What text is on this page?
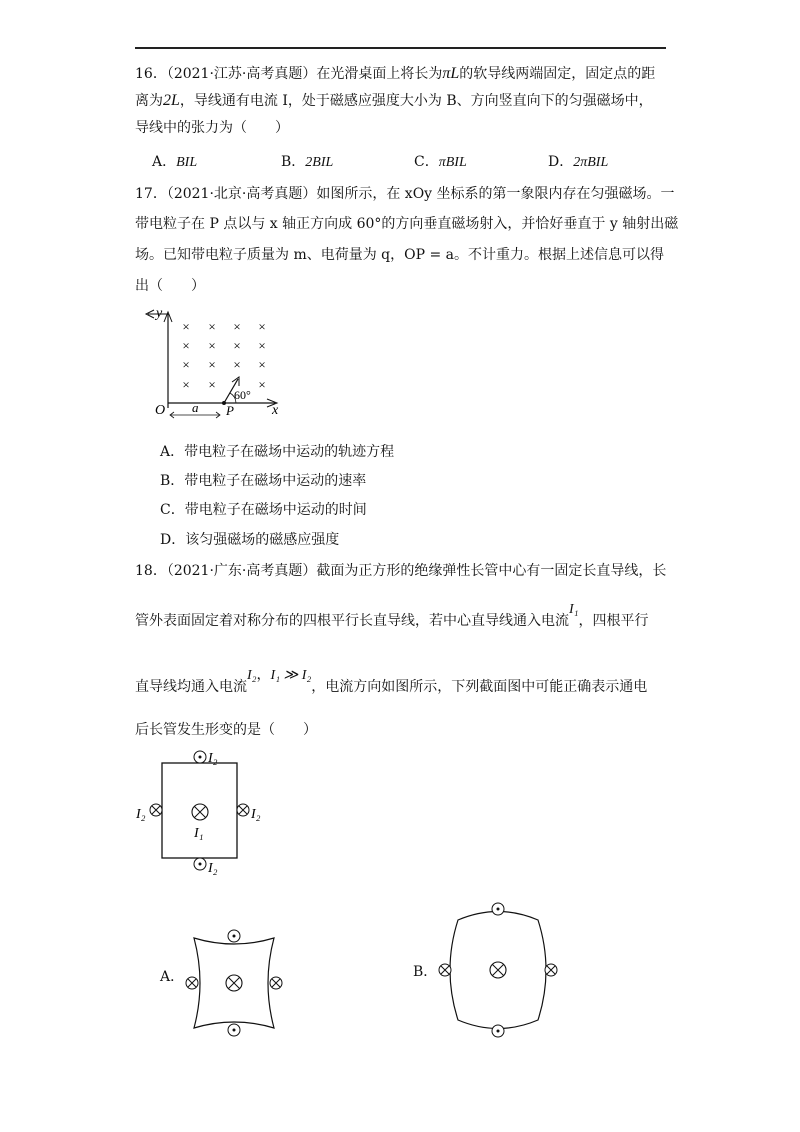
16．（2021·江苏·高考真题）在光滑桌面上将长为πL的软导线两端固定，固定点的距
离为2L，导线通有电流 I，处于磁感应强度大小为 B、方向竖直向下的匀强磁场中，
导线中的张力为（　　）
A．BIL	B．2BIL	C．πBIL	D．2πBIL
17．（2021·北京·高考真题）如图所示，在 xOy 坐标系的第一象限内存在匀强磁场。一
带电粒子在 P 点以与 x 轴正方向成 60°的方向垂直磁场射入，并恰好垂直于 y 轴射出磁
场。已知带电粒子质量为 m、电荷量为 q，OP = a。不计重力。根据上述信息可以得
出（　　）
y
x
O a P
60°
× × × ×
× × × ×
× × × ×
× ×	×
A．带电粒子在磁场中运动的轨迹方程
B．带电粒子在磁场中运动的速率
C．带电粒子在磁场中运动的时间
D．该匀强磁场的磁感应强度
18．（2021·广东·高考真题）截面为正方形的绝缘弹性长管中心有一固定长直导线，长
管外表面固定着对称分布的四根平行长直导线，若中心直导线通入电流I₁，四根平行
直导线均通入电流I₂，I₁ ≫ I₂，电流方向如图所示，下列截面图中可能正确表示通电
后长管发生形变的是（　　）
I₂
I₂
I₂	I₂
I₁
A．	B．
